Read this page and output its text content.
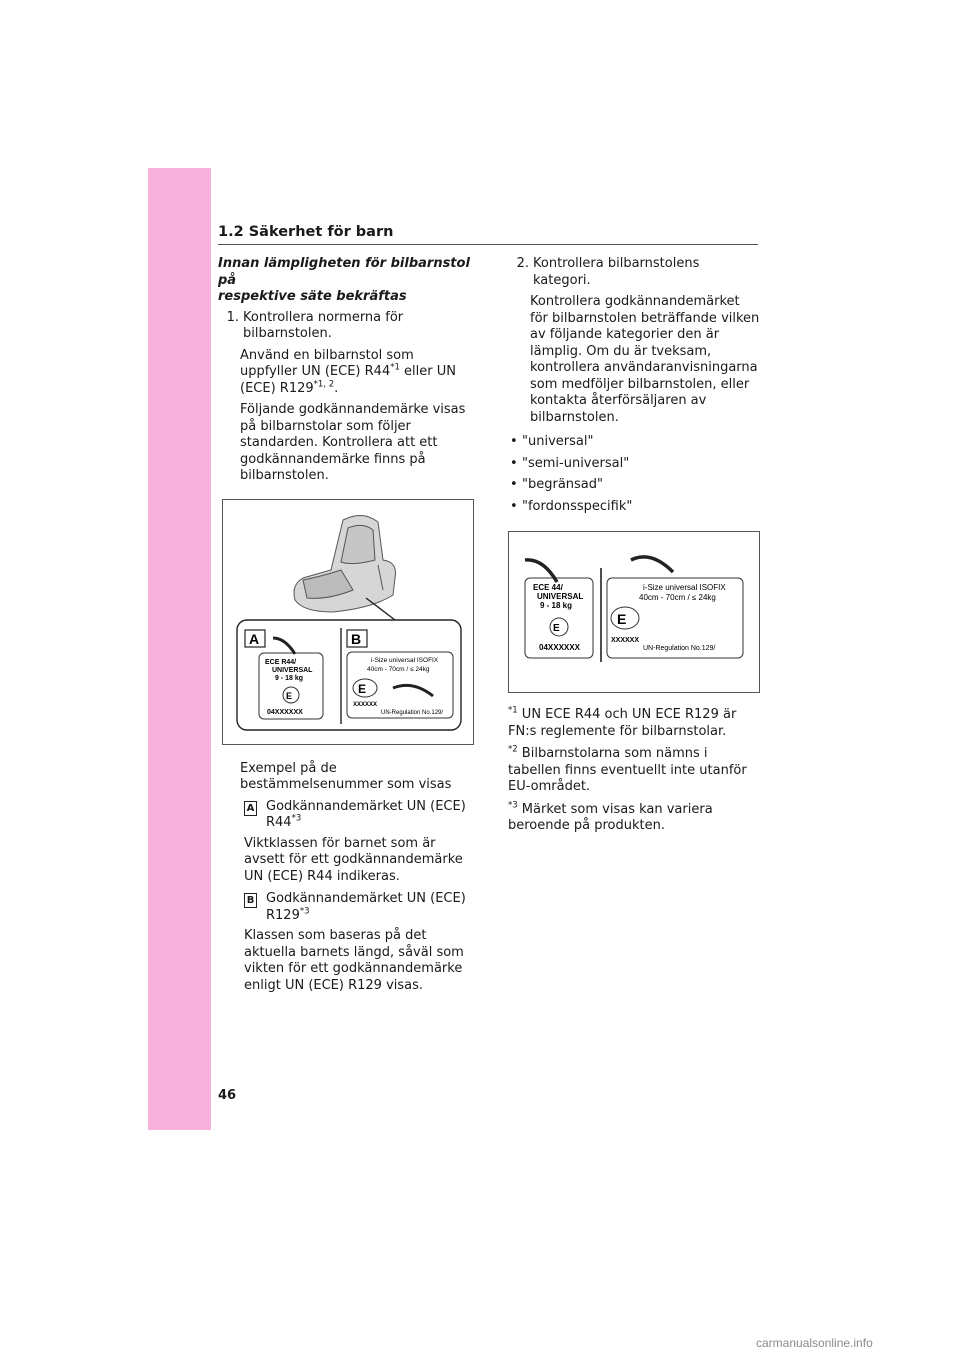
1.2 Säkerhet för barn
Innan lämpligheten för bilbarnstol på
respektive säte bekräftas
1. Kontrollera normerna för bilbarnstolen.

Använd en bilbarnstol som uppfyller UN (ECE) R44$^{*1}$ eller UN (ECE) R129$^{*1, 2}$.

Följande godkännandemärke visas på bilbarnstolar som följer standarden. Kontrollera att ett godkännandemärke finns på bilbarnstolen.

A	B
ECE R44/
UNIVERSAL
9 - 18 kg
E
04XXXXXX
i-Size universal ISOFIX
40cm - 70cm / ≤ 24kg
E
XXXXXX
UN-Regulation No.129/

Exempel på de bestämmelsenummer som visas

A Godkännandemärket UN (ECE) R44$^{*3}$

Viktklassen för barnet som är avsett för ett godkännandemärke UN (ECE) R44 indikeras.

B Godkännandemärket UN (ECE) R129$^{*3}$

Klassen som baseras på det aktuella barnets längd, såväl som vikten för ett godkännandemärke enligt UN (ECE) R129 visas.

2. Kontrollera bilbarnstolens kategori.

Kontrollera godkännandemärket för bilbarnstolen beträffande vilken av följande kategorier den är lämplig. Om du är tveksam, kontrollera användaranvisningarna som medföljer bilbarnstolen, eller kontakta återförsäljaren av bilbarnstolen.

• "universal"
• "semi-universal"
• "begränsad"
• "fordonsspecifik"
ECE 44/
UNIVERSAL
9 - 18 kg
E
04XXXXXX
i-Size universal ISOFIX
40cm - 70cm / ≤ 24kg
E
XXXXXX
UN-Regulation No.129/

$^{*1}$ UN ECE R44 och UN ECE R129 är FN:s reglemente för bilbarnstolar.

$^{*2}$ Bilbarnstolarna som nämns i tabellen finns eventuellt inte utanför EU-området.

$^{*3}$ Märket som visas kan variera beroende på produkten.

46
carmanualsonline.info
